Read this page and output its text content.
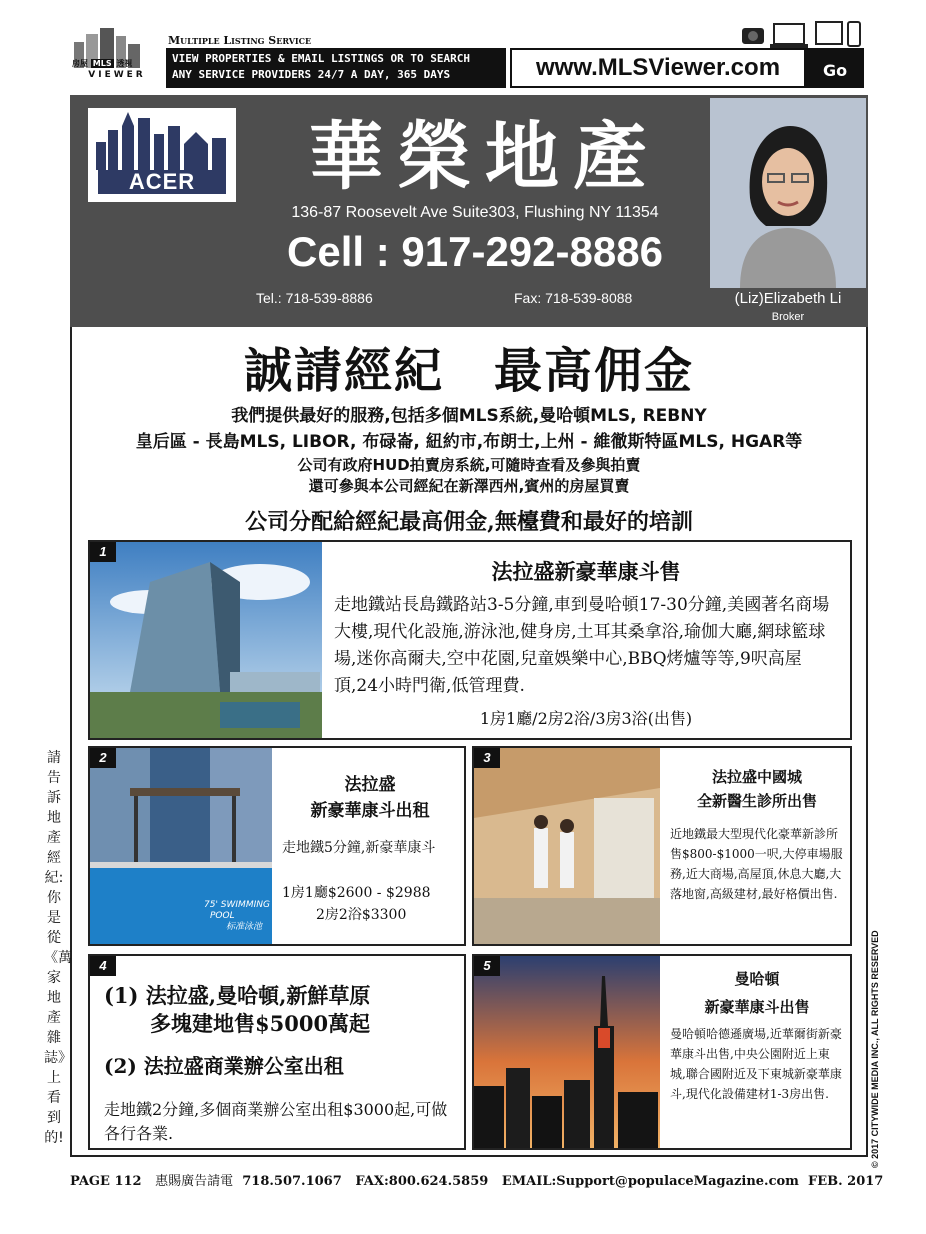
房屋 MLS 透視
VIEWER
Multiple Listing Service
VIEW PROPERTIES & EMAIL LISTINGS OR TO SEARCH
ANY SERVICE PROVIDERS 24/7 A DAY, 365 DAYS	www.MLSViewer.com	Go
ACER	華榮地產
136-87 Roosevelt Ave Suite303, Flushing NY 11354
Cell : 917-292-8886
Tel.: 718-539-8886	Fax: 718-539-8088	(Liz)Elizabeth Li
Broker
誠請經紀　最高佣金
我們提供最好的服務,包括多個MLS系統,曼哈頓MLS, REBNY
皇后區 - 長島MLS, LIBOR, 布碌崙, 紐約市,布朗士,上州 - 維徹斯特區MLS, HGAR等
公司有政府HUD拍賣房系統,可隨時查看及參與拍賣
還可參與本公司經紀在新澤西州,賓州的房屋買賣
公司分配給經紀最高佣金,無檯費和最好的培訓
1
法拉盛新豪華康斗售
走地鐵站長島鐵路站3-5分鐘,車到曼哈頓17-30分鐘,美國著名商場大樓,現代化設施,游泳池,健身房,土耳其桑拿浴,瑜伽大廳,網球籃球場,迷你高爾夫,空中花園,兒童娛樂中心,BBQ烤爐等等,9呎高屋頂,24小時門衛,低管理費.
1房1廳/2房2浴/3房3浴(出售)
75' SWIMMING
POOL
标准泳池
2
法拉盛
新豪華康斗出租
走地鐵5分鐘,新豪華康斗
1房1廳$2600 - $2988
2房2浴$3300
3
法拉盛中國城
全新醫生診所出售
近地鐵最大型現代化豪華新診所售$800-$1000一呎,大停車場服務,近大商場,高屋頂,休息大廳,大落地窗,高級建材,最好格價出售.
4
(1) 法拉盛,曼哈頓,新鮮草原
多塊建地售$5000萬起
(2) 法拉盛商業辦公室出租
走地鐵2分鐘,多個商業辦公室出租$3000起,可做各行各業.
5
曼哈頓
新豪華康斗出售
曼哈頓哈德遜廣場,近華爾街新豪華康斗出售,中央公園附近上東城,聯合國附近及下東城新豪華康斗,現代化設備建材1-3房出售.
請告訴地產經紀:你是從《萬家地產雜誌》上看到的!	© 2017 CITYWIDE MEDIA INC., ALL RIGHTS RESERVED
PAGE 112 惠賜廣告請電 718.507.1067 FAX:800.624.5859 EMAIL:Support@populaceMagazine.com FEB. 2017
